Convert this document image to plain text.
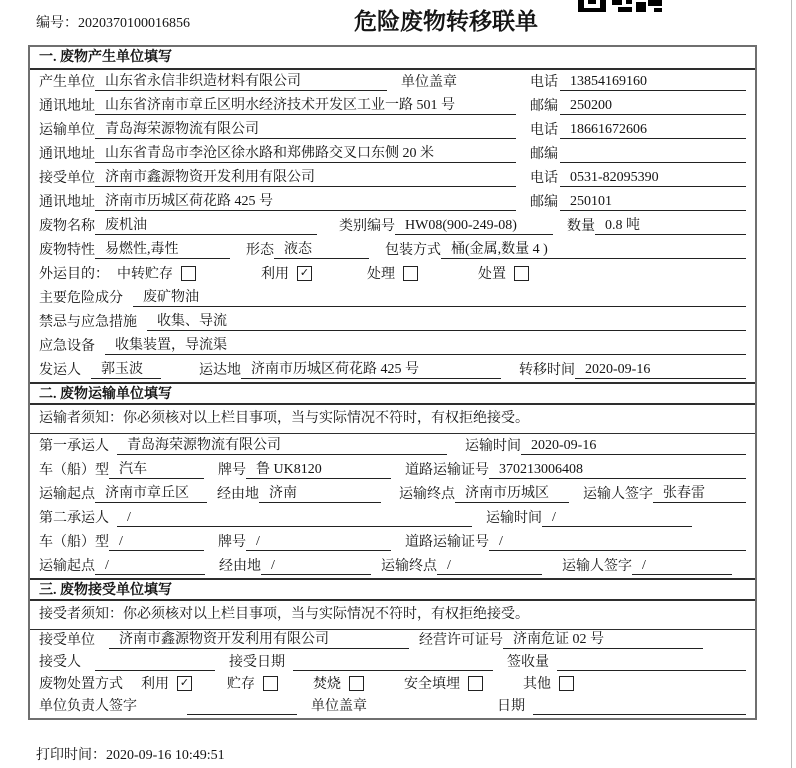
编号：2020370100016856	危险废物转移联单
一. 废物产生单位填写
产生单位 山东省永信非织造材料有限公司	单位盖章	电话 13854169160
通讯地址 山东省济南市章丘区明水经济技术开发区工业一路 501 号	邮编 250200
运输单位 青岛海荣源物流有限公司	电话 18661672606
通讯地址 山东省青岛市李沧区徐水路和郑佛路交叉口东侧 20 米	邮编
接受单位 济南市鑫源物资开发利用有限公司	电话 0531-82095390
通讯地址 济南市历城区荷花路 425 号	邮编 250101
废物名称 废机油	类别编号 HW08(900-249-08)	数量 0.8 吨
废物特性 易燃性,毒性	形态 液态	包装方式 桶(金属,数量 4 )
外运目的： 中转贮存	利用 ✓	处理	处置
主要危险成分	废矿物油
禁忌与应急措施	收集、导流
应急设备	收集装置，导流渠
发运人	郭玉波	运达地 济南市历城区荷花路 425 号	转移时间 2020-09-16
二. 废物运输单位填写
运输者须知：你必须核对以上栏目事项，当与实际情况不符时，有权拒绝接受。
第一承运人	青岛海荣源物流有限公司	运输时间 2020-09-16
车（船）型 汽车	牌号 鲁 UK8120	道路运输证号 370213006408
运输起点 济南市章丘区	经由地 济南	运输终点 济南市历城区	运输人签字 张春雷
第二承运人	/	运输时间 /
车（船）型 /	牌号 /	道路运输证号 /
运输起点 /	经由地 /	运输终点 /	运输人签字 /
三. 废物接受单位填写
接受者须知：你必须核对以上栏目事项，当与实际情况不符时，有权拒绝接受。
接受单位	济南市鑫源物资开发利用有限公司	经营许可证号 济南危证 02 号
接受人	接受日期	签收量
废物处置方式 利用 ✓	贮存	焚烧	安全填埋	其他
单位负责人签字	单位盖章	日期
打印时间：2020-09-16 10:49:51
